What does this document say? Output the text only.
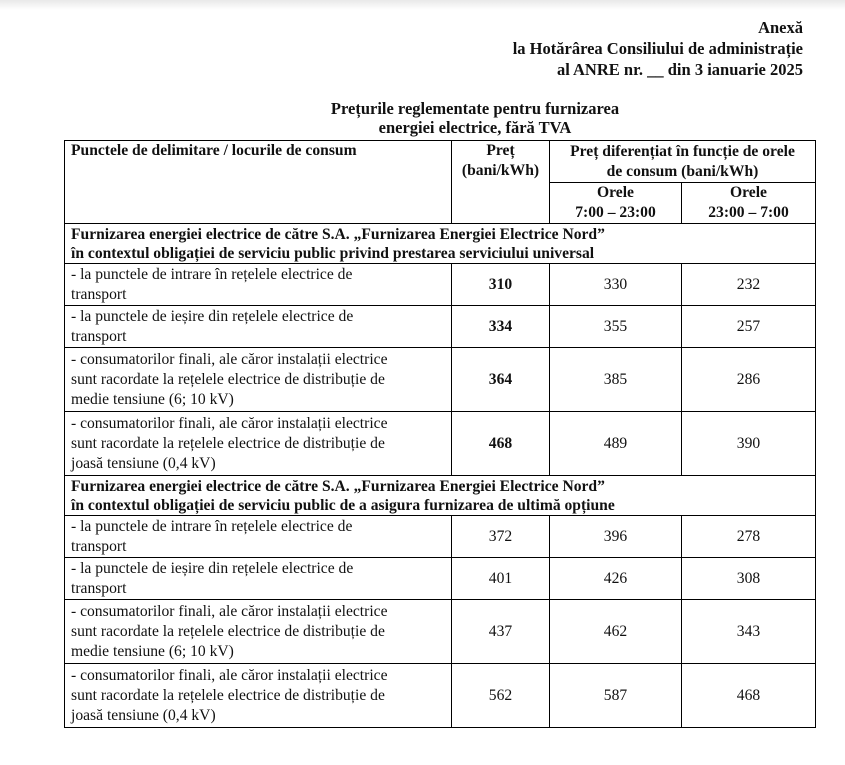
Anexă
la Hotărârea Consiliului de administrație
al ANRE nr. __ din 3 ianuarie 2025
Prețurile reglementate pentru furnizarea
energiei electrice, fără TVA
Punctele de delimitare / locurile de consum	Preț
(bani/kWh)

Preț diferențiat în funcție de orele
de consum (bani/kWh)

Orele
7:00 – 23:00

Orele
23:00 – 7:00

Furnizarea energiei electrice de către S.A. „Furnizarea Energiei Electrice Nord”
în contextul obligației de serviciu public privind prestarea serviciului universal			

- la punctele de intrare în rețelele electrice de
transport	310	330	232

- la punctele de ieșire din rețelele electrice de
transport	334	355	257

- consumatorilor finali, ale căror instalații electrice
sunt racordate la rețelele electrice de distribuție de
medie tensiune (6; 10 kV)	364	385	286

- consumatorilor finali, ale căror instalații electrice
sunt racordate la rețelele electrice de distribuție de
joasă tensiune (0,4 kV)	468	489	390

Furnizarea energiei electrice de către S.A. „Furnizarea Energiei Electrice Nord”
în contextul obligației de serviciu public de a asigura furnizarea de ultimă opțiune			

- la punctele de intrare în rețelele electrice de
transport	372	396	278

- la punctele de ieșire din rețelele electrice de
transport	401	426	308

- consumatorilor finali, ale căror instalații electrice
sunt racordate la rețelele electrice de distribuție de
medie tensiune (6; 10 kV)	437	462	343

- consumatorilor finali, ale căror instalații electrice
sunt racordate la rețelele electrice de distribuție de
joasă tensiune (0,4 kV)	562	587	468
